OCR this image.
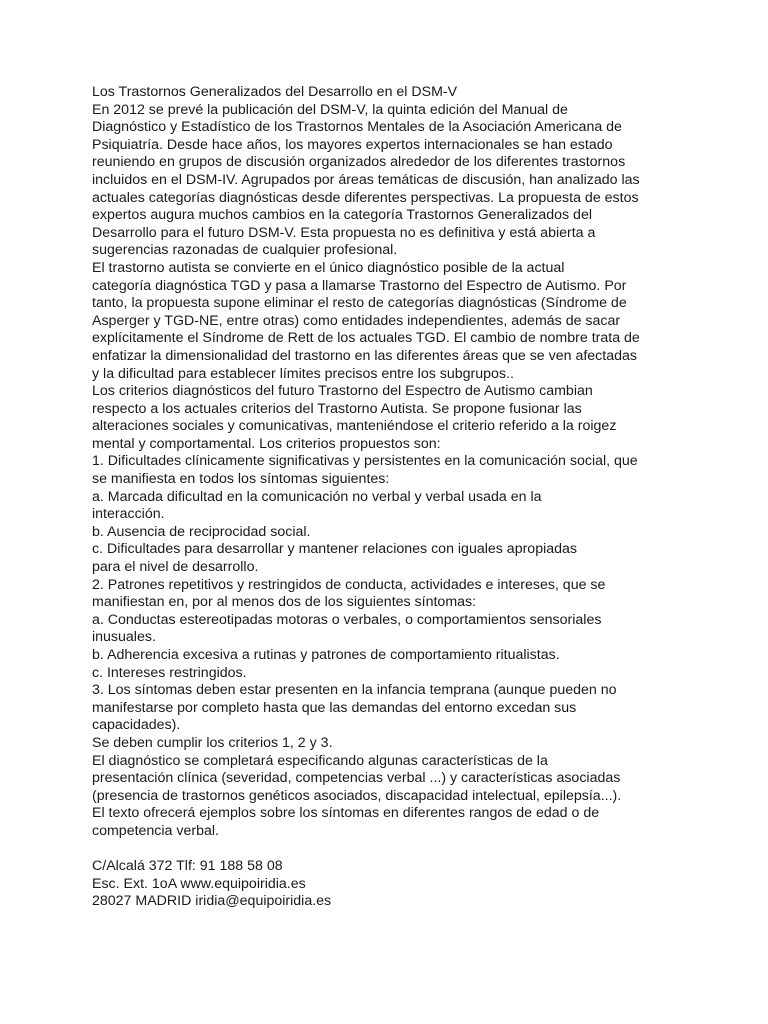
Los Trastornos Generalizados del Desarrollo en el DSM-V
En 2012 se prevé la publicación del DSM-V, la quinta edición del Manual de
Diagnóstico y Estadístico de los Trastornos Mentales de la Asociación Americana de
Psiquiatría. Desde hace años, los mayores expertos internacionales se han estado
reuniendo en grupos de discusión organizados alrededor de los diferentes trastornos
incluidos en el DSM-IV. Agrupados por áreas temáticas de discusión, han analizado las
actuales categorías diagnósticas desde diferentes perspectivas. La propuesta de estos
expertos augura muchos cambios en la categoría Trastornos Generalizados del
Desarrollo para el futuro DSM-V. Esta propuesta no es definitiva y está abierta a
sugerencias razonadas de cualquier profesional.
El trastorno autista se convierte en el único diagnóstico posible de la actual
categoría diagnóstica TGD y pasa a llamarse Trastorno del Espectro de Autismo. Por
tanto, la propuesta supone eliminar el resto de categorías diagnósticas (Síndrome de
Asperger y TGD-NE, entre otras) como entidades independientes, además de sacar
explícitamente el Síndrome de Rett de los actuales TGD. El cambio de nombre trata de
enfatizar la dimensionalidad del trastorno en las diferentes áreas que se ven afectadas
y la dificultad para establecer límites precisos entre los subgrupos..
Los criterios diagnósticos del futuro Trastorno del Espectro de Autismo cambian
respecto a los actuales criterios del Trastorno Autista. Se propone fusionar las
alteraciones sociales y comunicativas, manteniéndose el criterio referido a la roigez
mental y comportamental. Los criterios propuestos son:
1. Dificultades clínicamente significativas y persistentes en la comunicación social, que
se manifiesta en todos los síntomas siguientes:
a. Marcada dificultad en la comunicación no verbal y verbal usada en la
interacción.
b. Ausencia de reciprocidad social.
c. Dificultades para desarrollar y mantener relaciones con iguales apropiadas
para el nivel de desarrollo.
2. Patrones repetitivos y restringidos de conducta, actividades e intereses, que se
manifiestan en, por al menos dos de los siguientes síntomas:
a. Conductas estereotipadas motoras o verbales, o comportamientos sensoriales
inusuales.
b. Adherencia excesiva a rutinas y patrones de comportamiento ritualistas.
c. Intereses restringidos.
3. Los síntomas deben estar presenten en la infancia temprana (aunque pueden no
manifestarse por completo hasta que las demandas del entorno excedan sus
capacidades).
Se deben cumplir los criterios 1, 2 y 3.
El diagnóstico se completará especificando algunas características de la
presentación clínica (severidad, competencias verbal ...) y características asociadas
(presencia de trastornos genéticos asociados, discapacidad intelectual, epilepsía...).
El texto ofrecerá ejemplos sobre los síntomas en diferentes rangos de edad o de
competencia verbal.
C/Alcalá 372 Tlf: 91 188 58 08
Esc. Ext. 1oA www.equipoiridia.es
28027 MADRID iridia@equipoiridia.es
